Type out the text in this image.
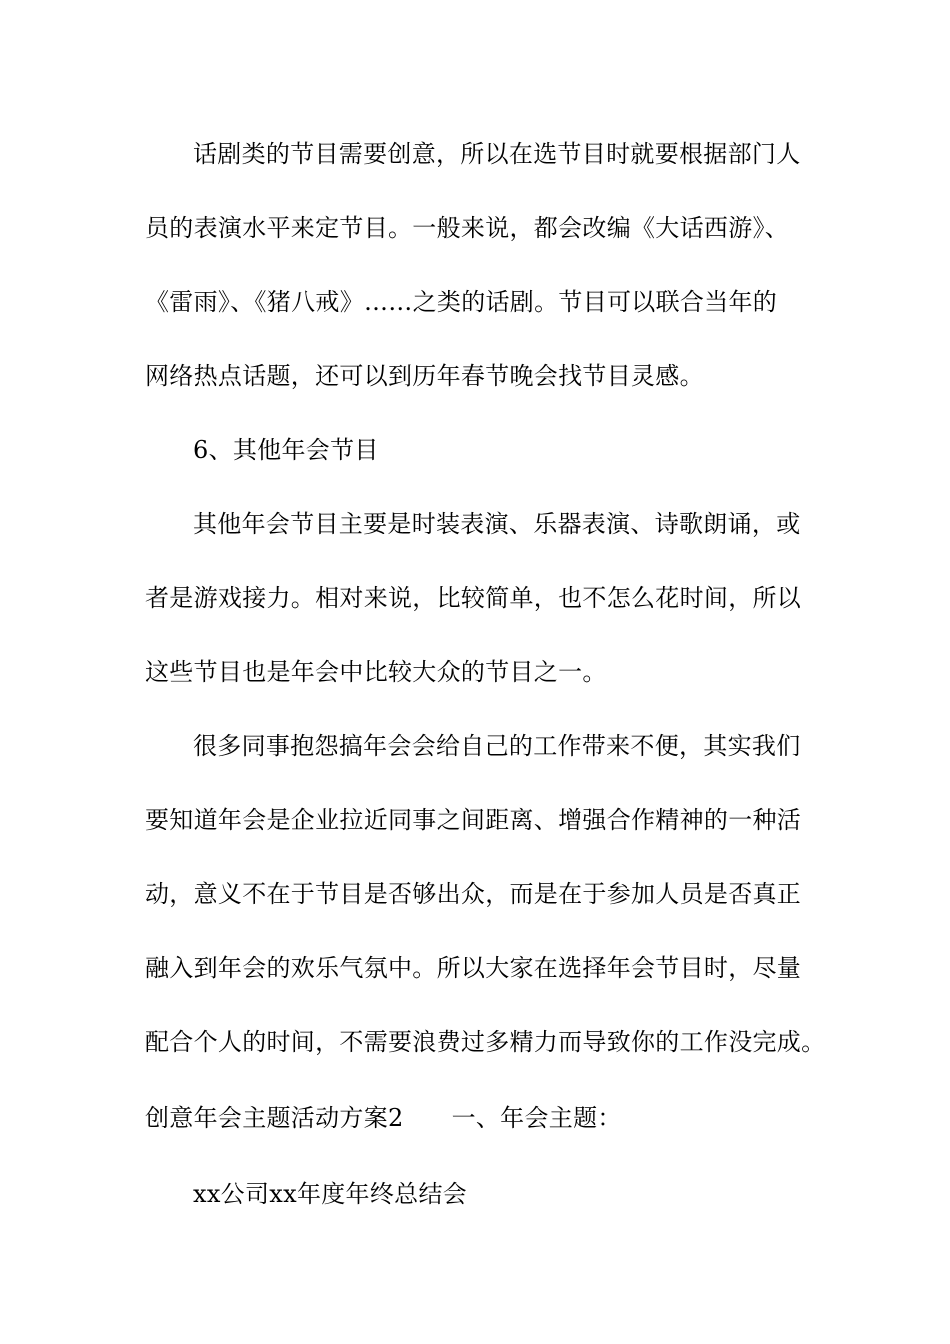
话剧类的节目需要创意，所以在选节目时就要根据部门人
员的表演水平来定节目。一般来说，都会改编《大话西游》、
《雷雨》、《猪八戒》……之类的话剧。节目可以联合当年的
网络热点话题，还可以到历年春节晚会找节目灵感。
6、其他年会节目
其他年会节目主要是时装表演、乐器表演、诗歌朗诵，或
者是游戏接力。相对来说，比较简单，也不怎么花时间，所以
这些节目也是年会中比较大众的节目之一。
很多同事抱怨搞年会会给自己的工作带来不便，其实我们
要知道年会是企业拉近同事之间距离、增强合作精神的一种活
动，意义不在于节目是否够出众，而是在于参加人员是否真正
融入到年会的欢乐气氛中。所以大家在选择年会节目时，尽量
配合个人的时间，不需要浪费过多精力而导致你的工作没完成。
创意年会主题活动方案2 一、年会主题：
xx公司xx年度年终总结会
